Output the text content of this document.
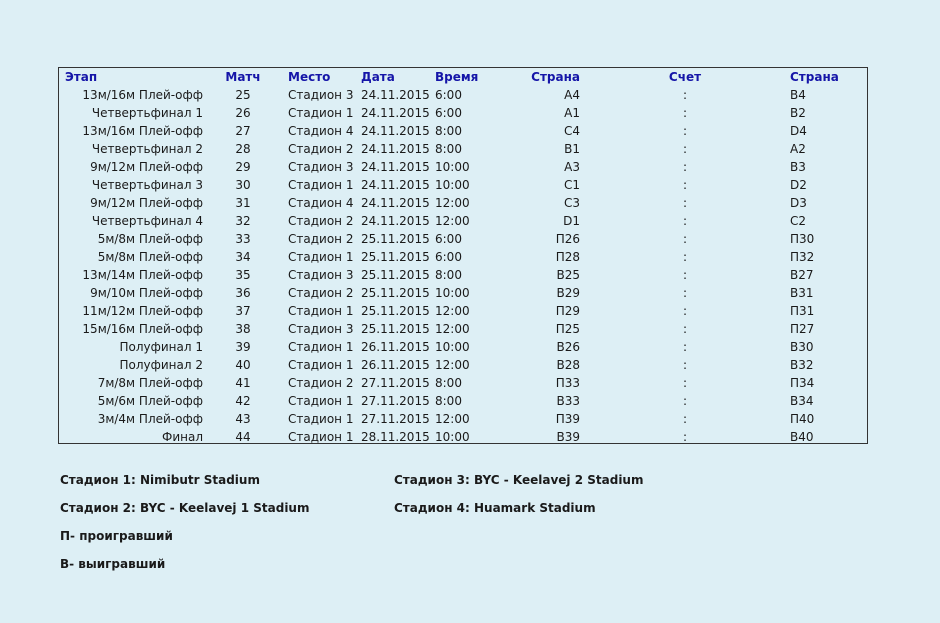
Этап	Матч	Место	Дата	Время	Страна	Счет	Страна
13м/16м Плей-офф	25	Стадион 3	24.11.2015	6:00	A4	:	B4
Четвертьфинал 1	26	Стадион 1	24.11.2015	6:00	A1	:	B2
13м/16м Плей-офф	27	Стадион 4	24.11.2015	8:00	C4	:	D4
Четвертьфинал 2	28	Стадион 2	24.11.2015	8:00	B1	:	A2
9м/12м Плей-офф	29	Стадион 3	24.11.2015	10:00	A3	:	B3
Четвертьфинал 3	30	Стадион 1	24.11.2015	10:00	C1	:	D2
9м/12м Плей-офф	31	Стадион 4	24.11.2015	12:00	C3	:	D3
Четвертьфинал 4	32	Стадион 2	24.11.2015	12:00	D1	:	C2
5м/8м Плей-офф	33	Стадион 2	25.11.2015	6:00	П26	:	П30
5м/8м Плей-офф	34	Стадион 1	25.11.2015	6:00	П28	:	П32
13м/14м Плей-офф	35	Стадион 3	25.11.2015	8:00	B25	:	B27
9м/10м Плей-офф	36	Стадион 2	25.11.2015	10:00	B29	:	B31
11м/12м Плей-офф	37	Стадион 1	25.11.2015	12:00	П29	:	П31
15м/16м Плей-офф	38	Стадион 3	25.11.2015	12:00	П25	:	П27
Полуфинал 1	39	Стадион 1	26.11.2015	10:00	B26	:	B30
Полуфинал 2	40	Стадион 1	26.11.2015	12:00	B28	:	B32
7м/8м Плей-офф	41	Стадион 2	27.11.2015	8:00	П33	:	П34
5м/6м Плей-офф	42	Стадион 1	27.11.2015	8:00	B33	:	B34
3м/4м Плей-офф	43	Стадион 1	27.11.2015	12:00	П39	:	П40
Финал	44	Стадион 1	28.11.2015	10:00	B39	:	B40
Стадион 1: Nimibutr Stadium	Стадион 3: BYC - Keelavej 2 Stadium
Стадион 2: BYC - Keelavej 1 Stadium	Стадион 4: Huamark Stadium
П- проигравший
В- выигравший
